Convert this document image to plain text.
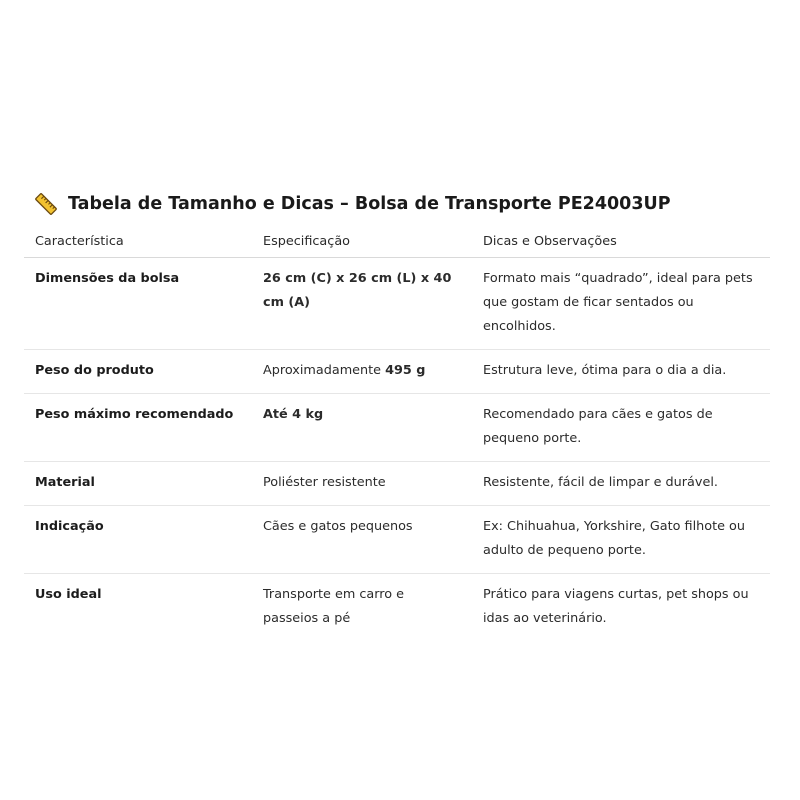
Tabela de Tamanho e Dicas – Bolsa de Transporte PE24003UP
Característica	Especificação	Dicas e Observações
Dimensões da bolsa	26 cm (C) x 26 cm (L) x 40 cm (A)	Formato mais “quadrado”, ideal para pets que gostam de ficar sentados ou encolhidos.
Peso do produto	Aproximadamente 495 g	Estrutura leve, ótima para o dia a dia.
Peso máximo recomendado	Até 4 kg	Recomendado para cães e gatos de pequeno porte.
Material	Poliéster resistente	Resistente, fácil de limpar e durável.
Indicação	Cães e gatos pequenos	Ex: Chihuahua, Yorkshire, Gato filhote ou adulto de pequeno porte.
Uso ideal	Transporte em carro e passeios a pé	Prático para viagens curtas, pet shops ou idas ao veterinário.
